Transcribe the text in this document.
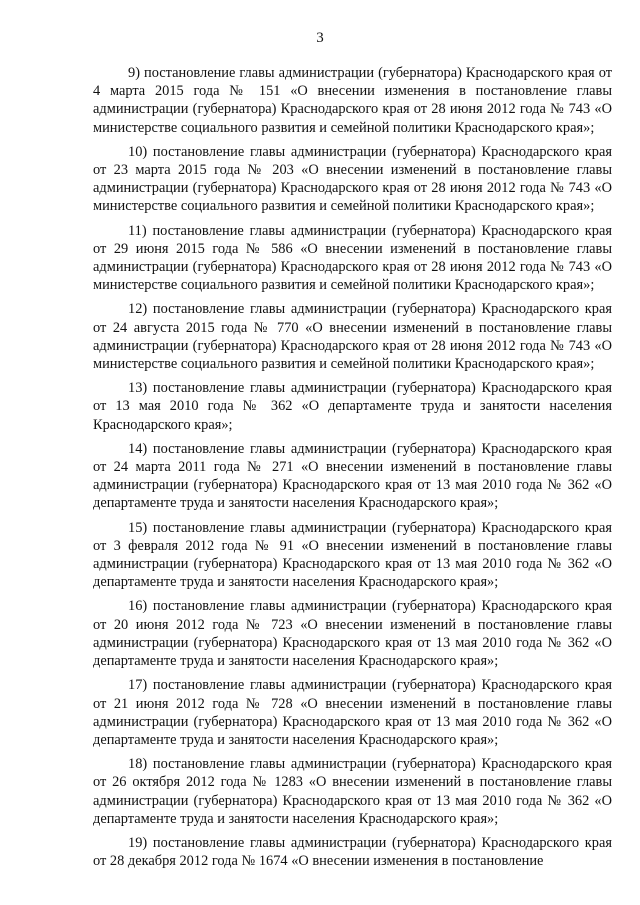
3

9) постановление главы администрации (губернатора) Краснодарского края от 4 марта 2015 года № 151 «О внесении изменения в постановление главы администрации (губернатора) Краснодарского края от 28 июня 2012 года № 743 «О министерстве социального развития и семейной политики Краснодарского края»;

10) постановление главы администрации (губернатора) Краснодарского края от 23 марта 2015 года № 203 «О внесении изменений в постановление главы администрации (губернатора) Краснодарского края от 28 июня 2012 года № 743 «О министерстве социального развития и семейной политики Краснодарского края»;

11) постановление главы администрации (губернатора) Краснодарского края от 29 июня 2015 года № 586 «О внесении изменений в постановление главы администрации (губернатора) Краснодарского края от 28 июня 2012 года № 743 «О министерстве социального развития и семейной политики Краснодарского края»;

12) постановление главы администрации (губернатора) Краснодарского края от 24 августа 2015 года № 770 «О внесении изменений в постановление главы администрации (губернатора) Краснодарского края от 28 июня 2012 года № 743 «О министерстве социального развития и семейной политики Краснодарского края»;

13) постановление главы администрации (губернатора) Краснодарского края от 13 мая 2010 года № 362 «О департаменте труда и занятости населения Краснодарского края»;

14) постановление главы администрации (губернатора) Краснодарского края от 24 марта 2011 года № 271 «О внесении изменений в постановление главы администрации (губернатора) Краснодарского края от 13 мая 2010 года № 362 «О департаменте труда и занятости населения Краснодарского края»;

15) постановление главы администрации (губернатора) Краснодарского края от 3 февраля 2012 года № 91 «О внесении изменений в постановление главы администрации (губернатора) Краснодарского края от 13 мая 2010 года № 362 «О департаменте труда и занятости населения Краснодарского края»;

16) постановление главы администрации (губернатора) Краснодарского края от 20 июня 2012 года № 723 «О внесении изменений в постановление главы администрации (губернатора) Краснодарского края от 13 мая 2010 года № 362 «О департаменте труда и занятости населения Краснодарского края»;

17) постановление главы администрации (губернатора) Краснодарского края от 21 июня 2012 года № 728 «О внесении изменений в постановление главы администрации (губернатора) Краснодарского края от 13 мая 2010 года № 362 «О департаменте труда и занятости населения Краснодарского края»;

18) постановление главы администрации (губернатора) Краснодарского края от 26 октября 2012 года № 1283 «О внесении изменений в постановление главы администрации (губернатора) Краснодарского края от 13 мая 2010 года № 362 «О департаменте труда и занятости населения Краснодарского края»;

19) постановление главы администрации (губернатора) Краснодарского края от 28 декабря 2012 года № 1674 «О внесении изменения в постановление
